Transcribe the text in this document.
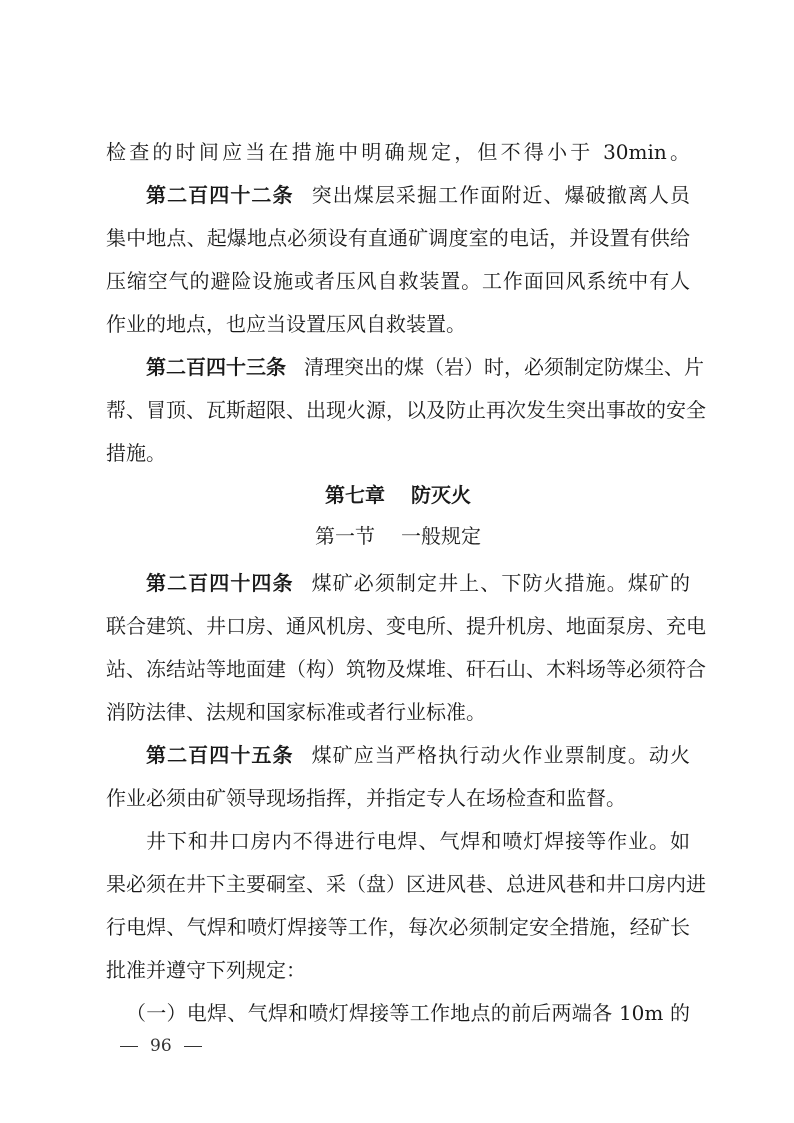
检查的时间应当在措施中明确规定，但不得小于 30min。
第二百四十二条 突出煤层采掘工作面附近、爆破撤离人员
集中地点、起爆地点必须设有直通矿调度室的电话，并设置有供给
压缩空气的避险设施或者压风自救装置。工作面回风系统中有人
作业的地点，也应当设置压风自救装置。
第二百四十三条 清理突出的煤（岩）时，必须制定防煤尘、片
帮、冒顶、瓦斯超限、出现火源，以及防止再次发生突出事故的安全
措施。
第七章 防灭火
第一节 一般规定
第二百四十四条 煤矿必须制定井上、下防火措施。煤矿的
联合建筑、井口房、通风机房、变电所、提升机房、地面泵房、充电
站、冻结站等地面建（构）筑物及煤堆、矸石山、木料场等必须符合
消防法律、法规和国家标准或者行业标准。
第二百四十五条 煤矿应当严格执行动火作业票制度。动火
作业必须由矿领导现场指挥，并指定专人在场检查和监督。
井下和井口房内不得进行电焊、气焊和喷灯焊接等作业。如
果必须在井下主要硐室、采（盘）区进风巷、总进风巷和井口房内进
行电焊、气焊和喷灯焊接等工作，每次必须制定安全措施，经矿长
批准并遵守下列规定：
（一）电焊、气焊和喷灯焊接等工作地点的前后两端各 10m 的
96
